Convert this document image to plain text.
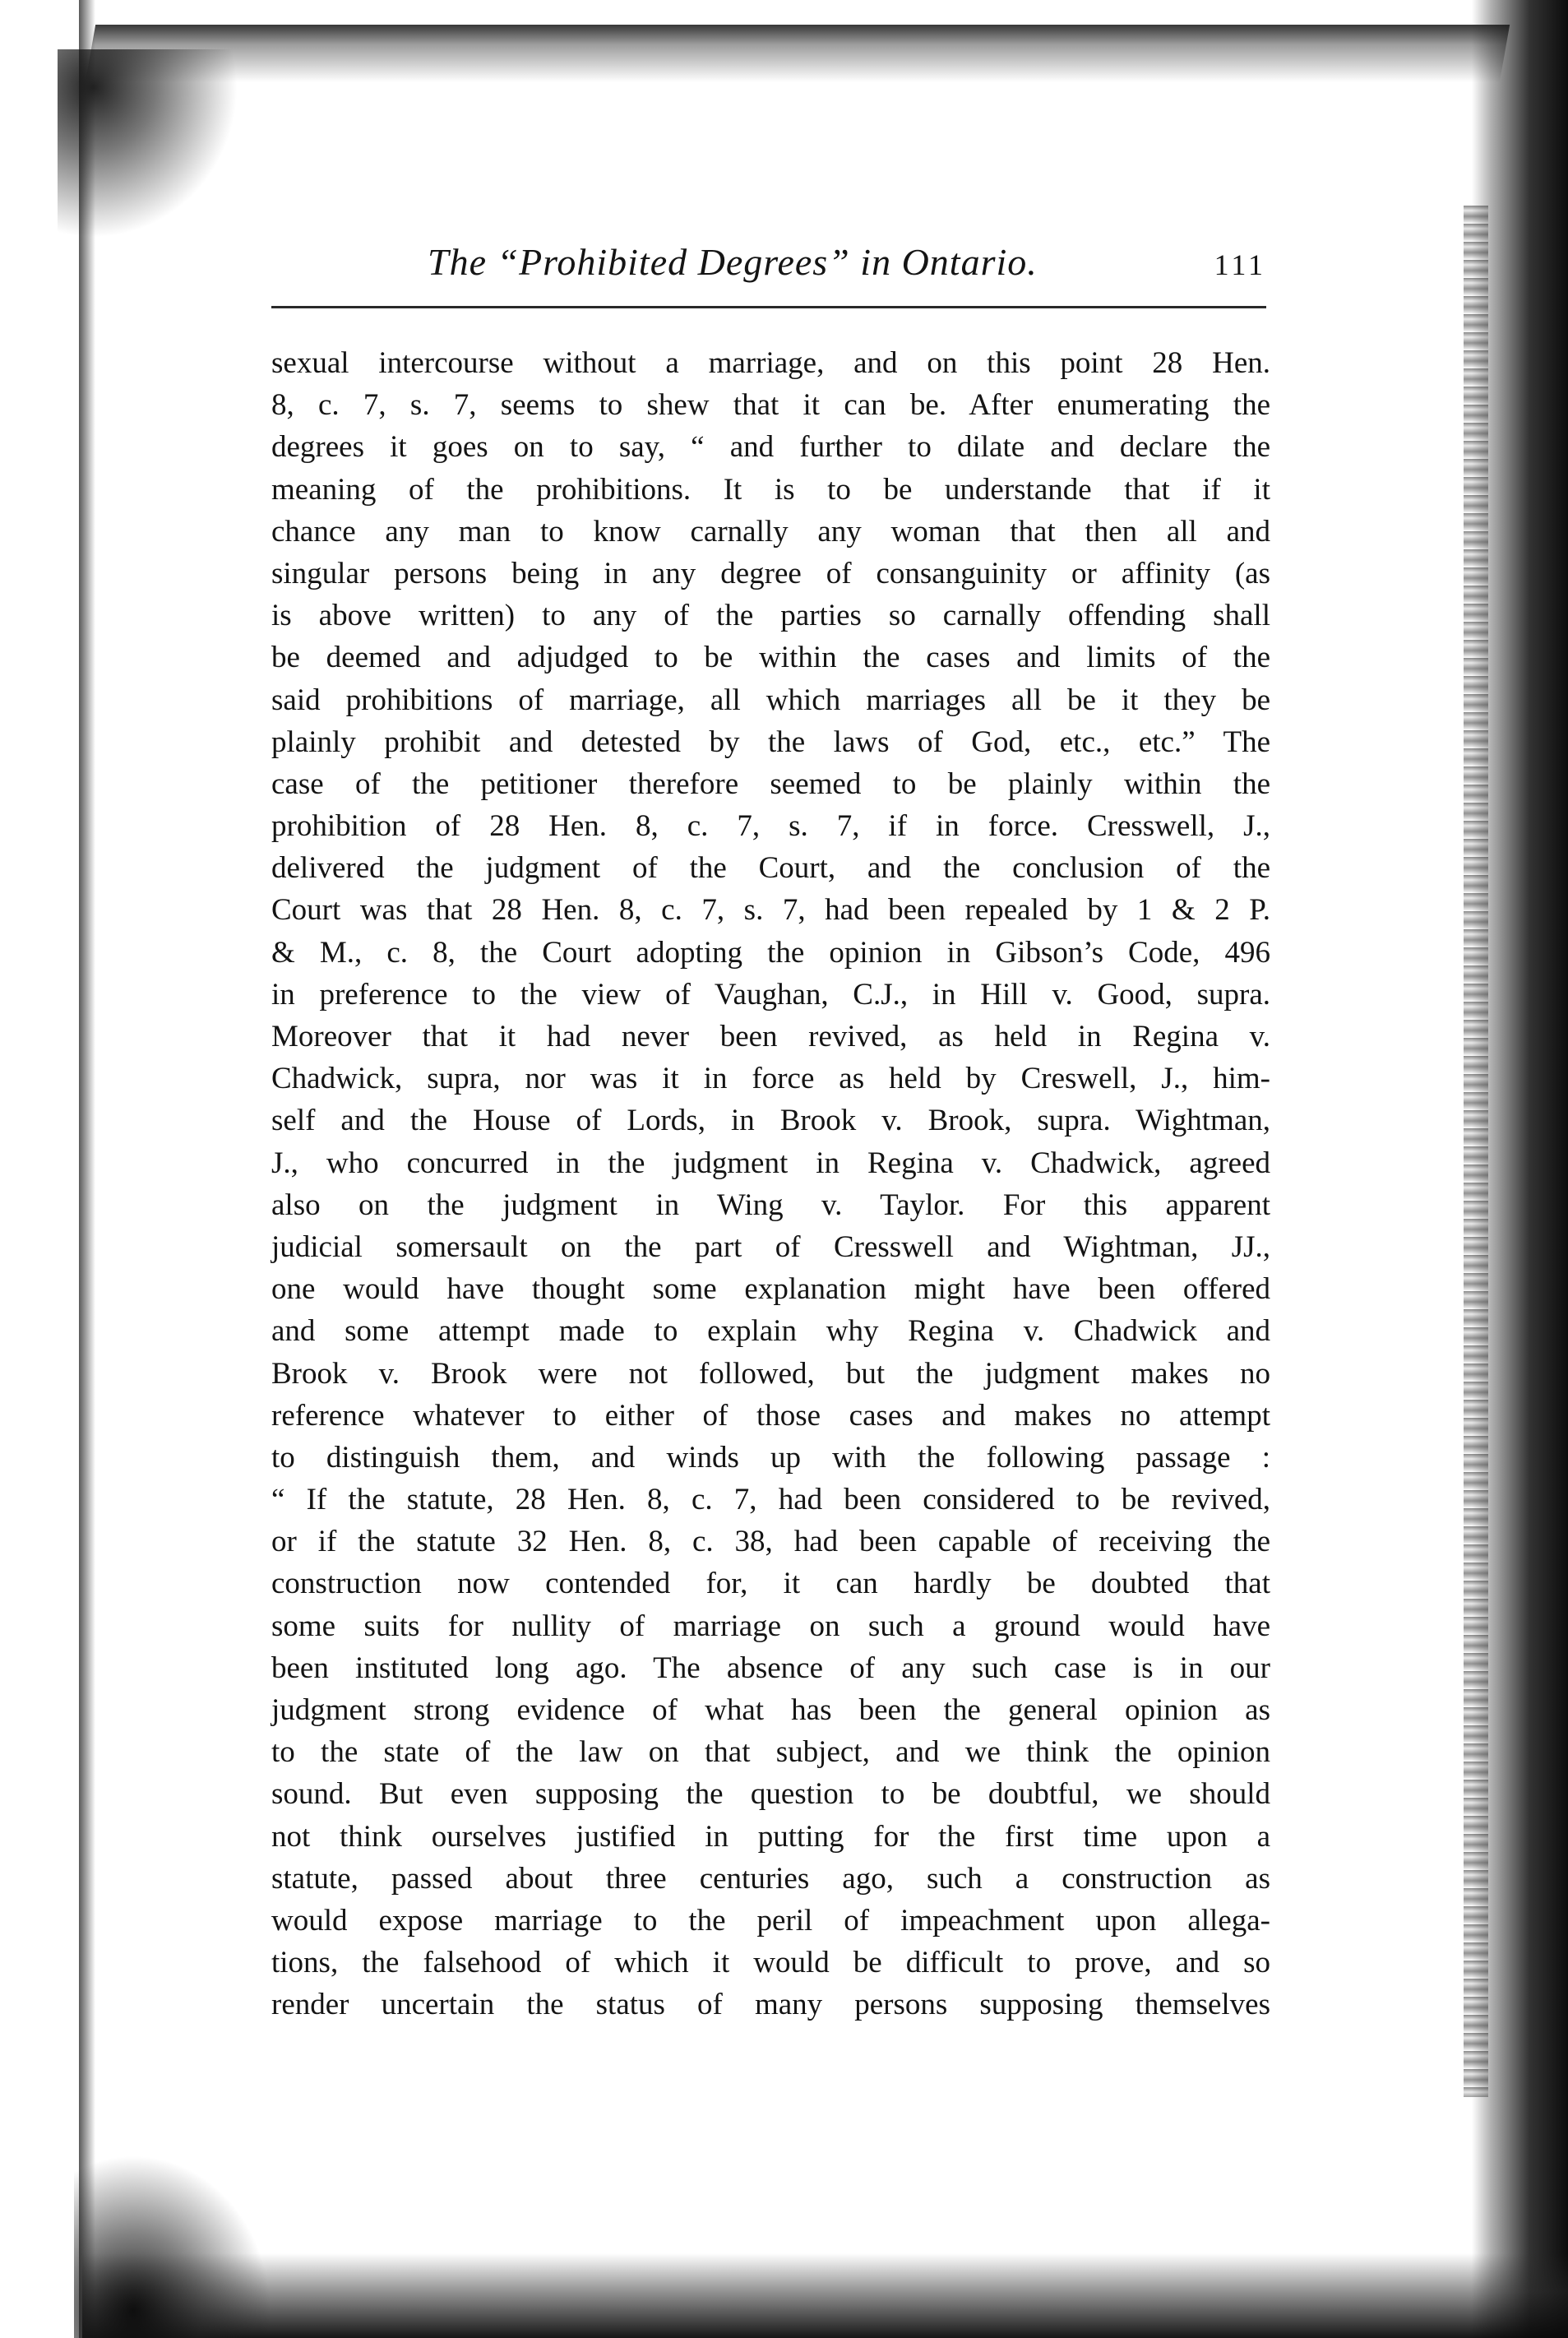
The “Prohibited Degrees” in Ontario.	111
sexual intercourse without a marriage, and on this point 28 Hen.
8, c. 7, s. 7, seems to shew that it can be. After enumerating the
degrees it goes on to say, “ and further to dilate and declare the
meaning of the prohibitions. It is to be understande that if it
chance any man to know carnally any woman that then all and
singular persons being in any degree of consanguinity or affinity (as
is above written) to any of the parties so carnally offending shall
be deemed and adjudged to be within the cases and limits of the
said prohibitions of marriage, all which marriages all be it they be
plainly prohibit and detested by the laws of God, etc., etc.” The
case of the petitioner therefore seemed to be plainly within the
prohibition of 28 Hen. 8, c. 7, s. 7, if in force. Cresswell, J.,
delivered the judgment of the Court, and the conclusion of the
Court was that 28 Hen. 8, c. 7, s. 7, had been repealed by 1 & 2 P.
& M., c. 8, the Court adopting the opinion in Gibson’s Code, 496
in preference to the view of Vaughan, C.J., in Hill v. Good, supra.
Moreover that it had never been revived, as held in Regina v.
Chadwick, supra, nor was it in force as held by Creswell, J., him-
self and the House of Lords, in Brook v. Brook, supra. Wightman,
J., who concurred in the judgment in Regina v. Chadwick, agreed
also on the judgment in Wing v. Taylor. For this apparent
judicial somersault on the part of Cresswell and Wightman, JJ.,
one would have thought some explanation might have been offered
and some attempt made to explain why Regina v. Chadwick and
Brook v. Brook were not followed, but the judgment makes no
reference whatever to either of those cases and makes no attempt
to distinguish them, and winds up with the following passage :
“ If the statute, 28 Hen. 8, c. 7, had been considered to be revived,
or if the statute 32 Hen. 8, c. 38, had been capable of receiving the
construction now contended for, it can hardly be doubted that
some suits for nullity of marriage on such a ground would have
been instituted long ago. The absence of any such case is in our
judgment strong evidence of what has been the general opinion as
to the state of the law on that subject, and we think the opinion
sound. But even supposing the question to be doubtful, we should
not think ourselves justified in putting for the first time upon a
statute, passed about three centuries ago, such a construction as
would expose marriage to the peril of impeachment upon allega-
tions, the falsehood of which it would be difficult to prove, and so
render uncertain the status of many persons supposing themselves
